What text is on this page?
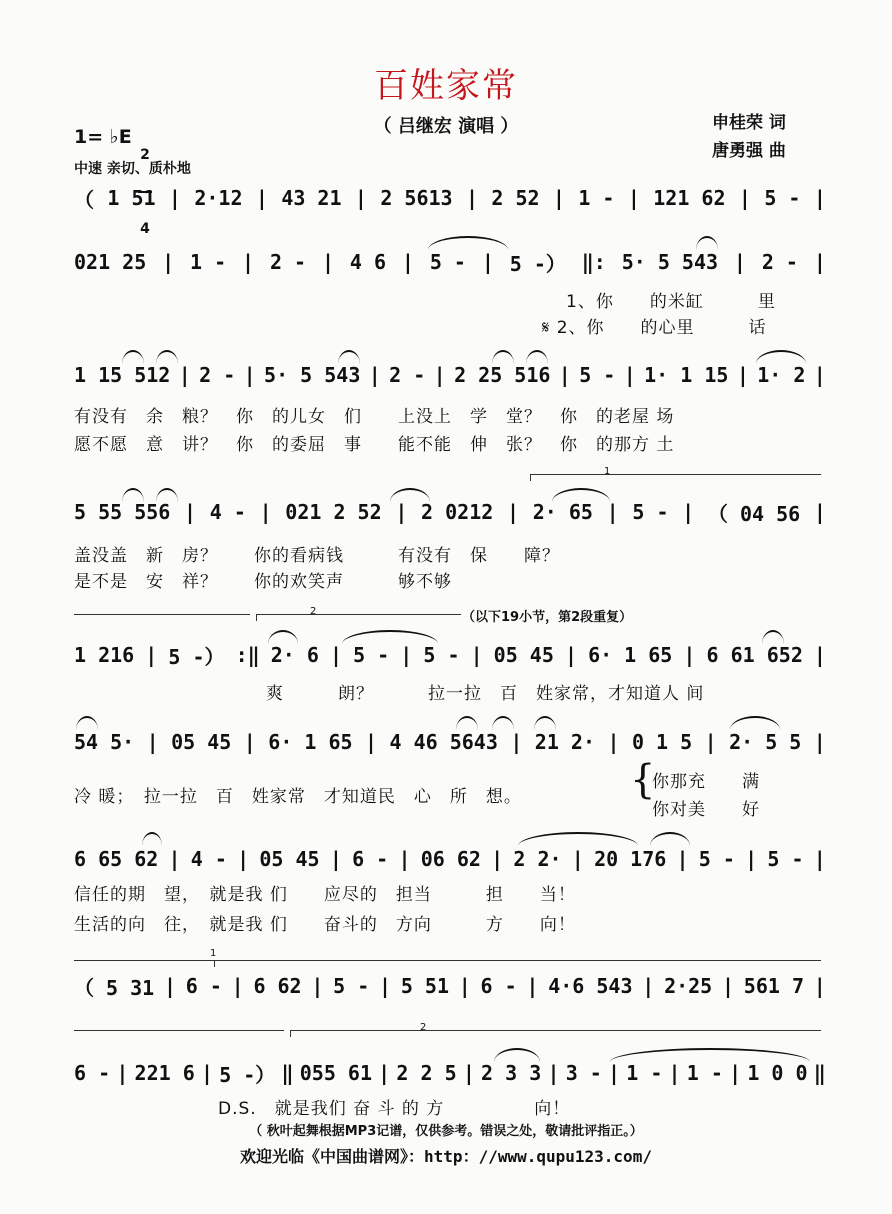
百姓家常
（ 吕继宏 演唱 ）	申桂荣 词
唐勇强 曲
1= ♭E

2

4

中速 亲切、质朴地
（ 1 51 | 2·12 | 43 21 | 2 5613 | 2 52 | 1 - | 121 62 | 5 - |
021 25 | 1 - | 2 - | 4 6 | 5 - | 5 -） ‖: 5· 5 543 | 2 - |
1、你　　的米缸　　　里
𝄋 2、你　　的心里　　　话
1 15 512 | 2 - | 5· 5 543 | 2 - | 2 25 516 | 5 - | 1· 1 15 | 1· 2 |
有没有　余　粮？　你　的儿女　们　　上没上　学　堂？　你　的老屋 场
愿不愿　意　讲？　你　的委屈　事　　能不能　伸　张？　你　的那方 土
1
5 55 556 | 4 - | 021 2 52 | 2 0212 | 2· 65 | 5 - | （ 04 56 |
盖没盖　新　房？　　你的看病钱　　　有没有　保　　障？
是不是　安　祥？　　你的欢笑声　　　够不够
2	（以下19小节，第2段重复）
1 216 | 5 -） :‖ 2· 6 | 5 - | 5 - | 05 45 | 6· 1 65 | 6 61 652 |
爽　　　朗？　　　拉一拉　百　姓家常，才知道人 间
54 5· | 05 45 | 6· 1 65 | 4 46 5643 | 21 2· | 0 1 5 | 2· 5 5 |
冷 暖；　拉一拉　百　姓家常　才知道民　心　所　想。	{
你那充　　满
你对美　　好
6 65 62 | 4 - | 05 45 | 6 - | 06 62 | 2 2· | 20 176 | 5 - | 5 - |
信任的期　望，　就是我 们　　应尽的　担当　　　担　　当！
生活的向　往，　就是我 们　　奋斗的　方向　　　方　　向！
1
（ 5 31 | 6 - | 6 62 | 5 - | 5 51 | 6 - | 4·6 543 | 2·25 | 561 7 |
2
6 - | 221 6 | 5 -） ‖ 055 61 | 2 2 5 | 2 3 3 | 3 - | 1 - | 1 - | 1 0 0 ‖
D.S.　就是我们 奋 斗 的 方　　　　　向！
（ 秋叶起舞根据MP3记谱，仅供参考。错误之处，敬请批评指正。）
欢迎光临《中国曲谱网》：http：//www.qupu123.com/
